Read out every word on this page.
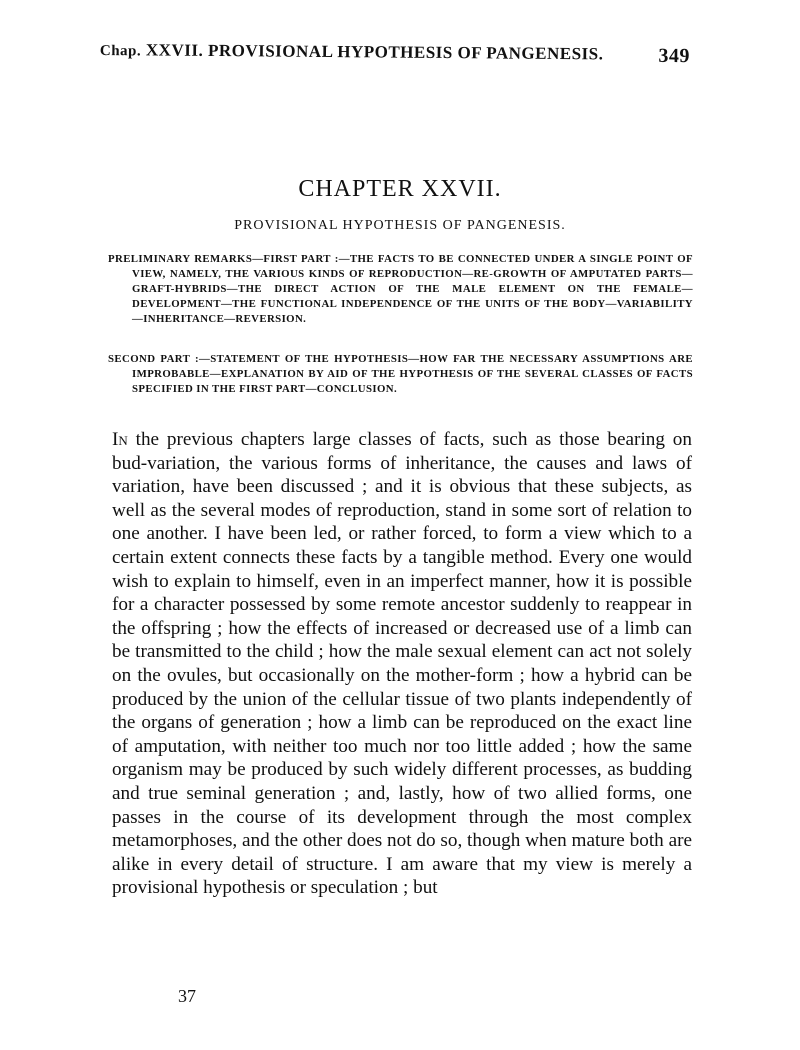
Chap. XXVII. PROVISIONAL HYPOTHESIS OF PANGENESIS.	349
CHAPTER XXVII.
PROVISIONAL HYPOTHESIS OF PANGENESIS.
PRELIMINARY REMARKS—FIRST PART :—THE FACTS TO BE CONNECTED UNDER A SINGLE POINT OF VIEW, NAMELY, THE VARIOUS KINDS OF REPRODUCTION—RE-GROWTH OF AMPUTATED PARTS—GRAFT-HYBRIDS—THE DIRECT ACTION OF THE MALE ELEMENT ON THE FEMALE—DEVELOPMENT—THE FUNCTIONAL INDEPENDENCE OF THE UNITS OF THE BODY—VARIABILITY —INHERITANCE—REVERSION.
SECOND PART :—STATEMENT OF THE HYPOTHESIS—HOW FAR THE NECESSARY ASSUMPTIONS ARE IMPROBABLE—EXPLANATION BY AID OF THE HYPOTHESIS OF THE SEVERAL CLASSES OF FACTS SPECIFIED IN THE FIRST PART—CONCLUSION.

In the previous chapters large classes of facts, such as those bearing on bud-variation, the various forms of inheritance, the causes and laws of variation, have been discussed ; and it is obvious that these subjects, as well as the several modes of reproduction, stand in some sort of relation to one another. I have been led, or rather forced, to form a view which to a certain extent connects these facts by a tangible method. Every one would wish to explain to himself, even in an imperfect manner, how it is possible for a character possessed by some remote ancestor suddenly to reappear in the offspring ; how the effects of increased or decreased use of a limb can be transmitted to the child ; how the male sexual element can act not solely on the ovules, but occasionally on the mother-form ; how a hybrid can be produced by the union of the cellular tissue of two plants independently of the organs of generation ; how a limb can be reproduced on the exact line of amputation, with neither too much nor too little added ; how the same organism may be produced by such widely different processes, as budding and true seminal generation ; and, lastly, how of two allied forms, one passes in the course of its development through the most complex metamorphoses, and the other does not do so, though when mature both are alike in every detail of structure. I am aware that my view is merely a provisional hypothesis or speculation ; but

37
